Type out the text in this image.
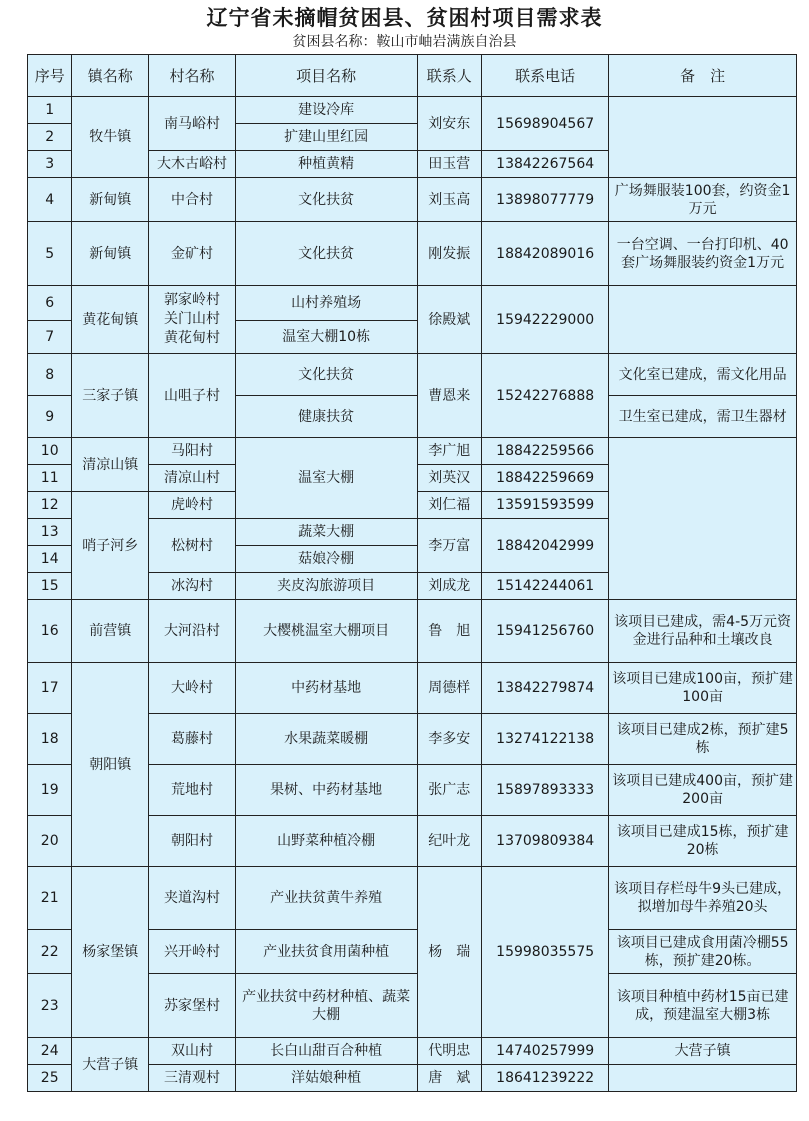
辽宁省未摘帽贫困县、贫困村项目需求表
贫困县名称：鞍山市岫岩满族自治县
序号	镇名称	村名称	项目名称	联系人	联系电话	备　注
1	牧牛镇	南马峪村	建设冷库	刘安东	15698904567	
2			扩建山里红园			
3		大木古峪村	种植黄精	田玉营	13842267564	
4	新甸镇	中合村	文化扶贫	刘玉高	13898077779	广场舞服装100套，约资金1万元
5	新甸镇	金矿村	文化扶贫	刚发振	18842089016	一台空调、一台打印机、40套广场舞服装约资金1万元
6	黄花甸镇	郭家岭村 关门山村 黄花甸村	山村养殖场	徐殿斌	15942229000	
7			温室大棚10栋			
8	三家子镇	山咀子村	文化扶贫	曹恩来	15242276888	文化室已建成，需文化用品
9			健康扶贫			卫生室已建成，需卫生器材
10	清凉山镇	马阳村	温室大棚	李广旭	18842259566	
11		清凉山村		刘英汉	18842259669	
12	哨子河乡	虎岭村		刘仁福	13591593599	
13		松树村	蔬菜大棚	李万富	18842042999	
14			菇娘冷棚			
15		冰沟村	夹皮沟旅游项目	刘成龙	15142244061	
16	前营镇	大河沿村	大樱桃温室大棚项目	鲁　旭	15941256760	该项目已建成，需4-5万元资金进行品种和土壤改良
17	朝阳镇	大岭村	中药材基地	周德样	13842279874	该项目已建成100亩，预扩建100亩
18		葛藤村	水果蔬菜暖棚	李多安	13274122138	该项目已建成2栋，预扩建5栋
19		荒地村	果树、中药材基地	张广志	15897893333	该项目已建成400亩，预扩建200亩
20		朝阳村	山野菜种植冷棚	纪叶龙	13709809384	该项目已建成15栋，预扩建20栋
21	杨家堡镇	夹道沟村	产业扶贫黄牛养殖	杨　瑞	15998035575	该项目存栏母牛9头已建成，拟增加母牛养殖20头
22		兴开岭村	产业扶贫食用菌种植			该项目已建成食用菌冷棚55栋，预扩建20栋。
23		苏家堡村	产业扶贫中药材种植、蔬菜大棚			该项目种植中药材15亩已建成，预建温室大棚3栋
24	大营子镇	双山村	长白山甜百合种植	代明忠	14740257999	大营子镇
25		三清观村	洋姑娘种植	唐　斌	18641239222	
